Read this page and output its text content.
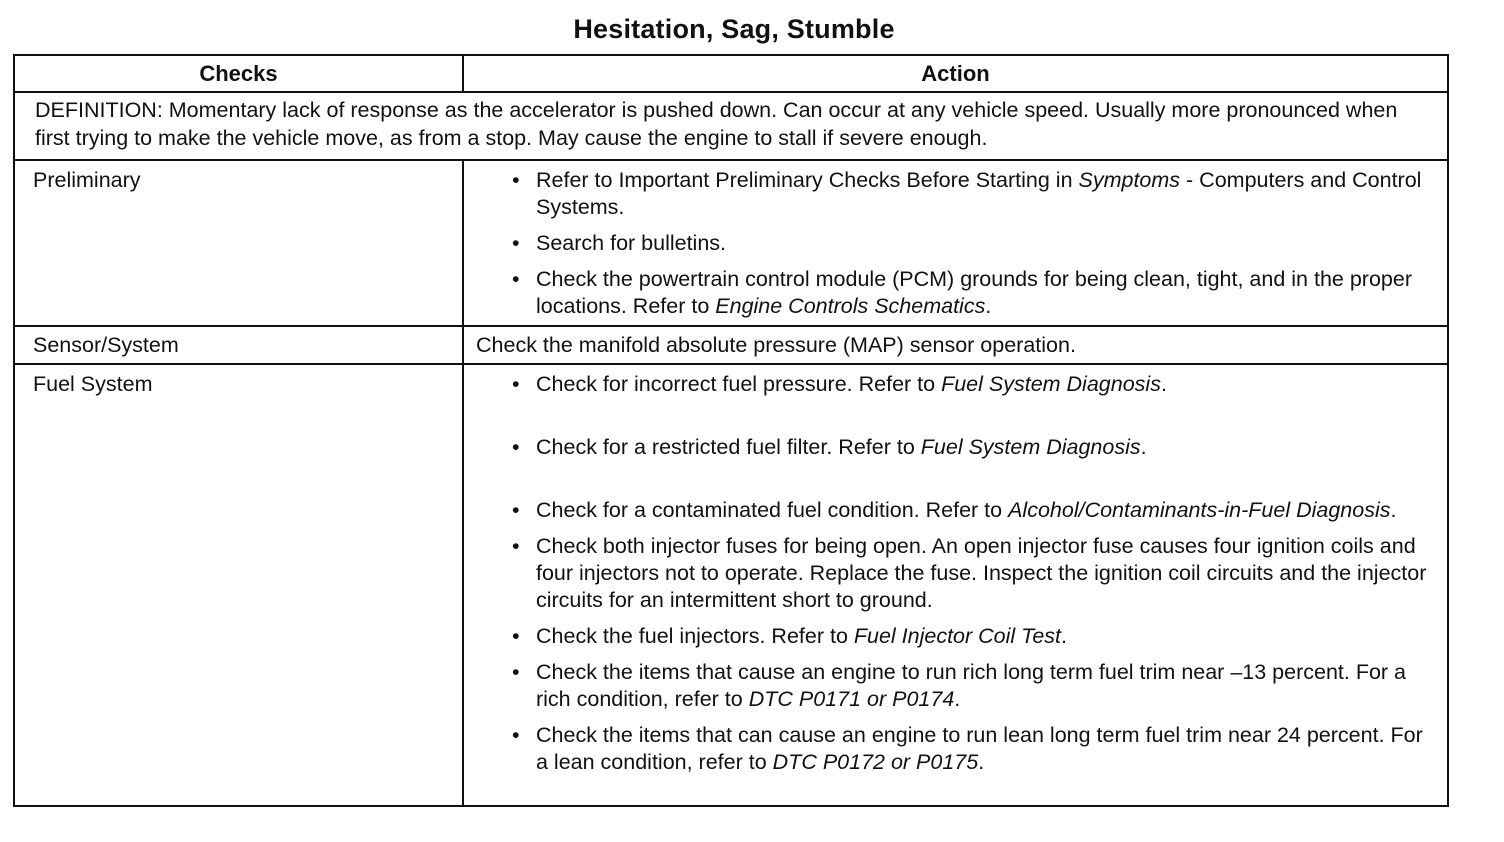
Hesitation, Sag, Stumble
Checks	Action
DEFINITION: Momentary lack of response as the accelerator is pushed down. Can occur at any vehicle speed. Usually more pronounced when first trying to make the vehicle move, as from a stop. May cause the engine to stall if severe enough.
Preliminary	• Refer to Important Preliminary Checks Before Starting in Symptoms - Computers and Control Systems.
• Search for bulletins.
• Check the powertrain control module (PCM) grounds for being clean, tight, and in the proper locations. Refer to Engine Controls Schematics.
Sensor/System	Check the manifold absolute pressure (MAP) sensor operation.
Fuel System	• Check for incorrect fuel pressure. Refer to Fuel System Diagnosis.
• Check for a restricted fuel filter. Refer to Fuel System Diagnosis.
• Check for a contaminated fuel condition. Refer to Alcohol/Contaminants-in-Fuel Diagnosis.
• Check both injector fuses for being open. An open injector fuse causes four ignition coils and four injectors not to operate. Replace the fuse. Inspect the ignition coil circuits and the injector circuits for an intermittent short to ground.
• Check the fuel injectors. Refer to Fuel Injector Coil Test.
• Check the items that cause an engine to run rich long term fuel trim near –13 percent. For a rich condition, refer to DTC P0171 or P0174.
• Check the items that can cause an engine to run lean long term fuel trim near 24 percent. For a lean condition, refer to DTC P0172 or P0175.
